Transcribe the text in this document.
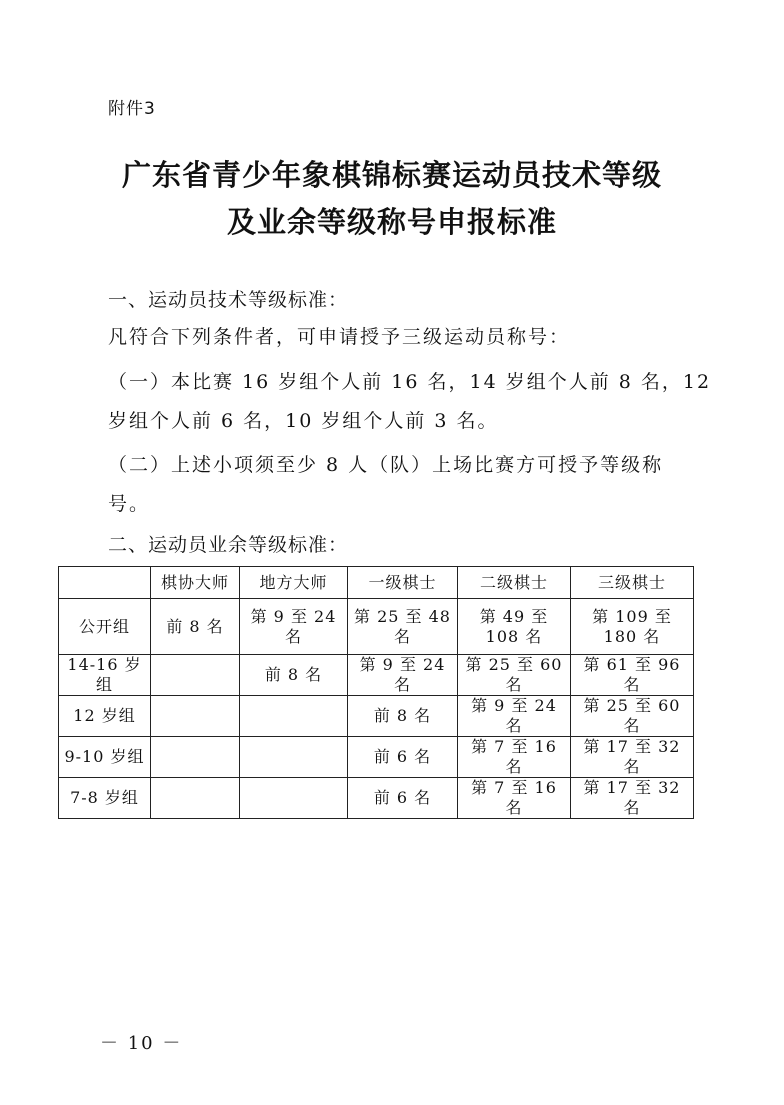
附件3
广东省青少年象棋锦标赛运动员技术等级
及业余等级称号申报标准
一、运动员技术等级标准：
凡符合下列条件者，可申请授予三级运动员称号：
（一）本比赛 16 岁组个人前 16 名，14 岁组个人前 8 名，12
岁组个人前 6 名，10 岁组个人前 3 名。
（二）上述小项须至少 8 人（队）上场比赛方可授予等级称
号。
二、运动员业余等级标准：
	棋协大师	地方大师	一级棋士	二级棋士	三级棋士
公开组	前 8 名	第 9 至 24 名	第 25 至 48 名	第 49 至 108 名	第 109 至 180 名
14-16 岁组		前 8 名	第 9 至 24 名	第 25 至 60 名	第 61 至 96 名
12 岁组			前 8 名	第 9 至 24 名	第 25 至 60 名
9-10 岁组			前 6 名	第 7 至 16 名	第 17 至 32 名
7-8 岁组			前 6 名	第 7 至 16 名	第 17 至 32 名
－ 10 －
